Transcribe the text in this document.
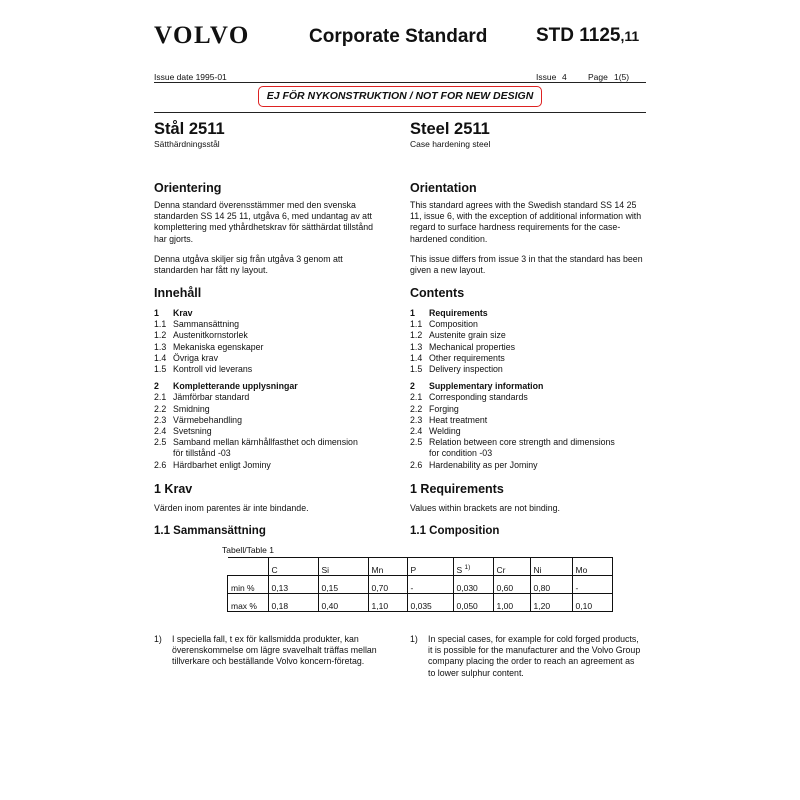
VOLVO	Corporate Standard	STD 1125,11
Issue date 1995-01	Issue 4	Page 1(5)
EJ FÖR NYKONSTRUKTION / NOT FOR NEW DESIGN
Stål 2511
Sätthärdningsstål
Steel 2511
Case hardening steel
Orientering
Denna standard överensstämmer med den svenska standarden SS 14 25 11, utgåva 6, med undantag av att komplettering med ythårdhetskrav för sätthärdat tillstånd har gjorts.
Denna utgåva skiljer sig från utgåva 3 genom att standarden har fått ny layout.
Orientation
This standard agrees with the Swedish standard SS 14 25 11, issue 6, with the exception of additional information with regard to surface hardness requirements for the case-hardened condition.
This issue differs from issue 3 in that the standard has been given a new layout.
Innehåll
1	Krav
1.1 Sammansättning
1.2 Austenitkornstorlek
1.3 Mekaniska egenskaper
1.4 Övriga krav
1.5 Kontroll vid leverans
2	Kompletterande upplysningar
2.1 Jämförbar standard
2.2 Smidning
2.3 Värmebehandling
2.4 Svetsning
2.5 Samband mellan kärnhållfasthet och dimension
för tillstånd -03
2.6 Härdbarhet enligt Jominy
Contents
1	Requirements
1.1 Composition
1.2 Austenite grain size
1.3 Mechanical properties
1.4 Other requirements
1.5 Delivery inspection
2	Supplementary information
2.1 Corresponding standards
2.2 Forging
2.3 Heat treatment
2.4 Welding
2.5 Relation between core strength and dimensions
for condition -03
2.6 Hardenability as per Jominy
1 Krav
Värden inom parentes är inte bindande.
1 Requirements
Values within brackets are not binding.
1.1 Sammansättning	1.1 Composition
Tabell/Table 1
	C	Si	Mn	P	S $^{1)}$	Cr	Ni	Mo
min %	0,13	0,15	0,70	-	0,030	0,60	0,80	-
max %	0,18	0,40	1,10	0,035	0,050	1,00	1,20	0,10
1)	I speciella fall, t ex för kallsmidda produkter, kan överenskommelse om lägre svavelhalt träffas mellan tillverkare och beställande Volvo koncern-företag.
1)	In special cases, for example for cold forged products, it is possible for the manufacturer and the Volvo Group company placing the order to reach an agreement as to lower sulphur content.
